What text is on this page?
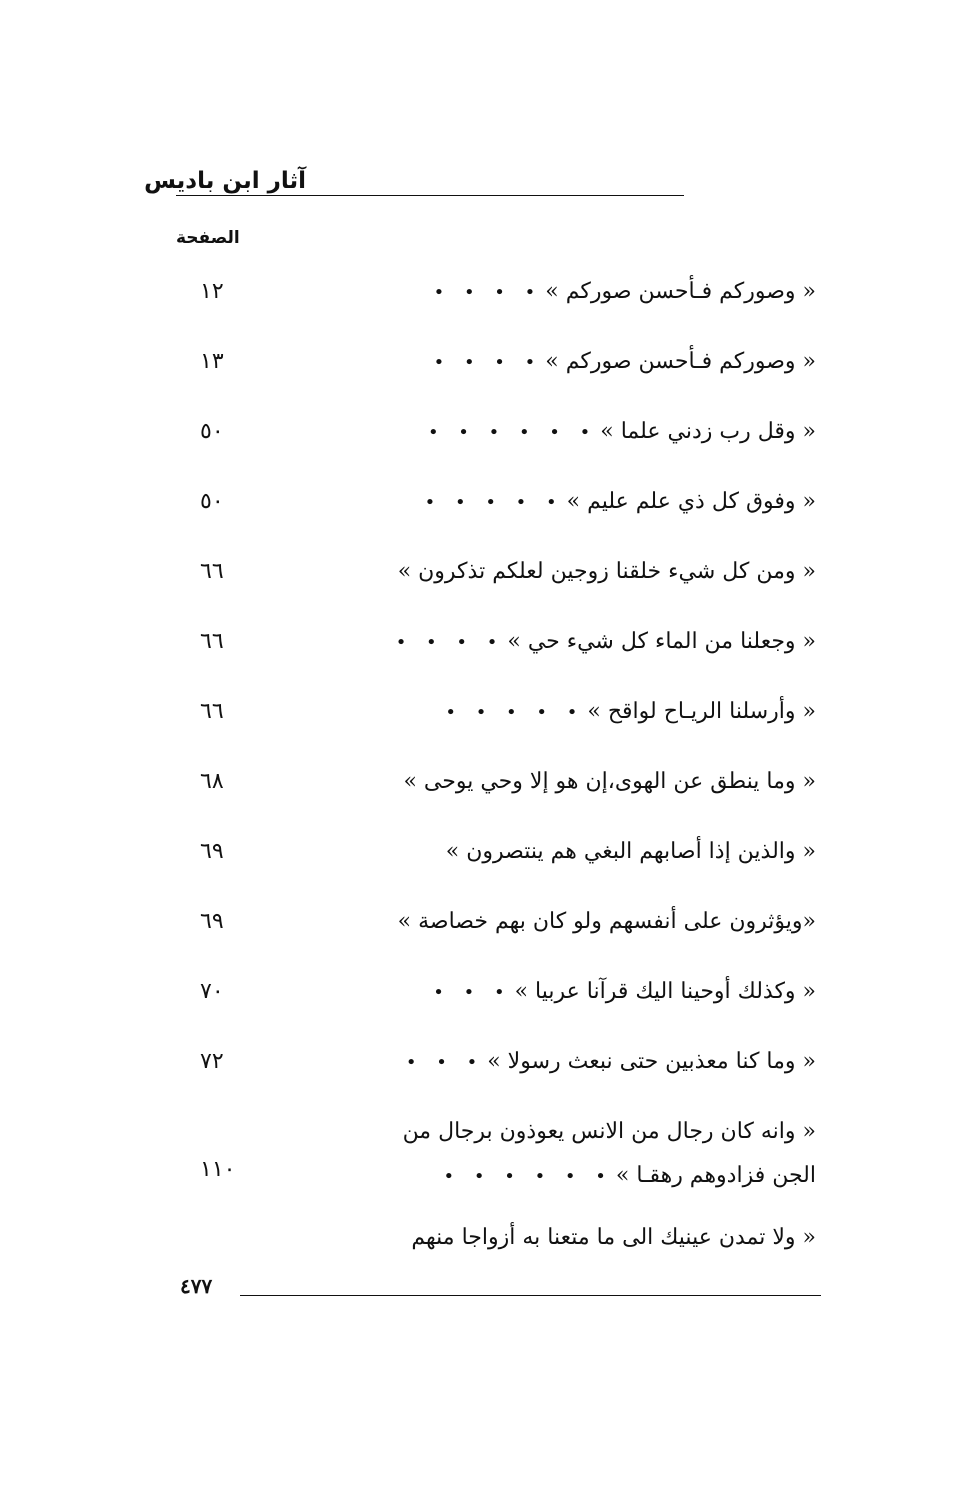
آثار ابن باديس
الصفحة
« وصوركم فـأحسن صوركم »• • • •
١٢
« وصوركم فـأحسن صوركم »• • • •
١٣
« وقل رب زدني علما »• • • • • •
٥٠
« وفوق كل ذي علم عليم »• • • • •
٥٠
« ومن كل شيء خلقنا زوجين لعلكم تذكرون »
٦٦
« وجعلنا من الماء كل شيء حي »• • • •
٦٦
« وأرسلنا الريـاح لواقح »• • • • •
٦٦
« وما ينطق عن الهوى،إن هو إلا وحي يوحى »
٦٨
« والذين إذا أصابهم البغي هم ينتصرون »
٦٩
«ويؤثرون على أنفسهم ولو كان بهم خصاصة »
٦٩
« وكذلك أوحينا اليك قرآنا عربيا »• • •
٧٠
« وما كنا معذبين حتى نبعث رسولا »• • •
٧٢
« وانه كان رجال من الانس يعوذون برجال من الجن فزادوهم رهقـا »• • • • • •
١١٠
« ولا تمدن عينيك الى ما متعنا به أزواجا منهم
٤٧٧
